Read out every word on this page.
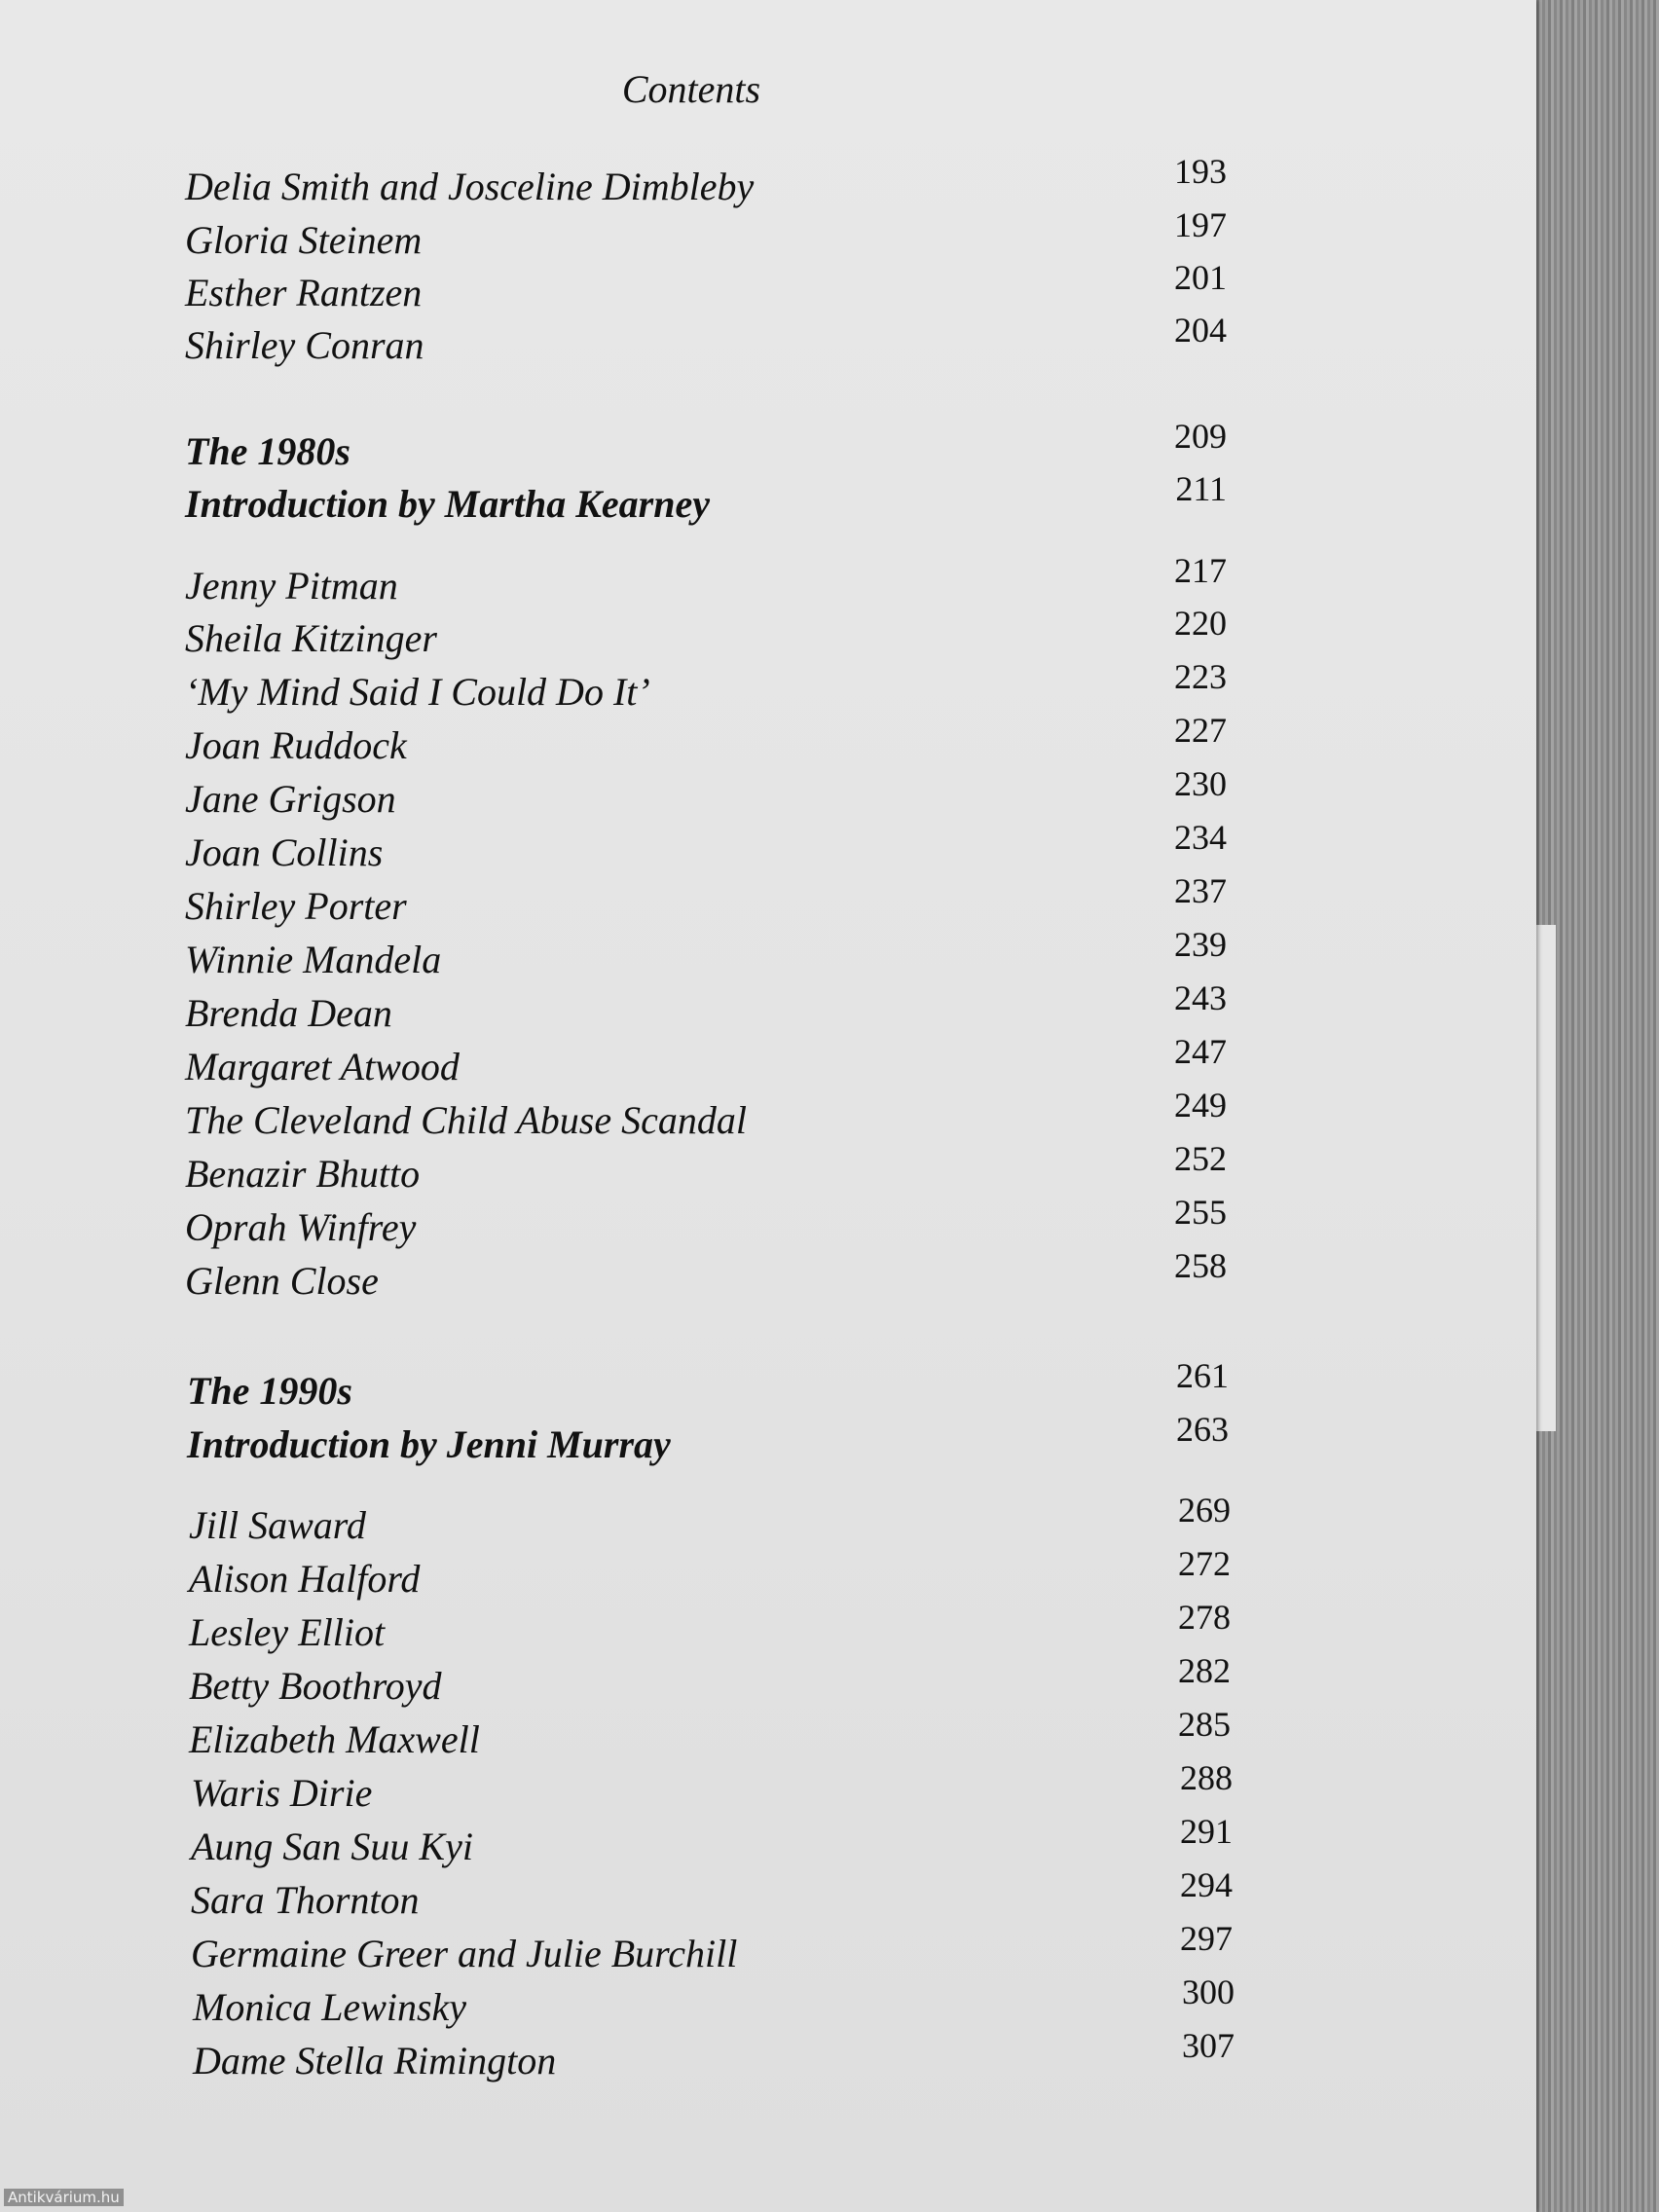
Contents
Delia Smith and Josceline Dimbleby	193
Gloria Steinem	197
Esther Rantzen	201
Shirley Conran	204
The 1980s	209
Introduction by Martha Kearney	211
Jenny Pitman	217
Sheila Kitzinger	220
‘My Mind Said I Could Do It’	223
Joan Ruddock	227
Jane Grigson	230
Joan Collins	234
Shirley Porter	237
Winnie Mandela	239
Brenda Dean	243
Margaret Atwood	247
The Cleveland Child Abuse Scandal	249
Benazir Bhutto	252
Oprah Winfrey	255
Glenn Close	258
The 1990s	261
Introduction by Jenni Murray	263
Jill Saward	269
Alison Halford	272
Lesley Elliot	278
Betty Boothroyd	282
Elizabeth Maxwell	285
Waris Dirie	288
Aung San Suu Kyi	291
Sara Thornton	294
Germaine Greer and Julie Burchill	297
Monica Lewinsky	300
Dame Stella Rimington	307
Antikvárium.hu
